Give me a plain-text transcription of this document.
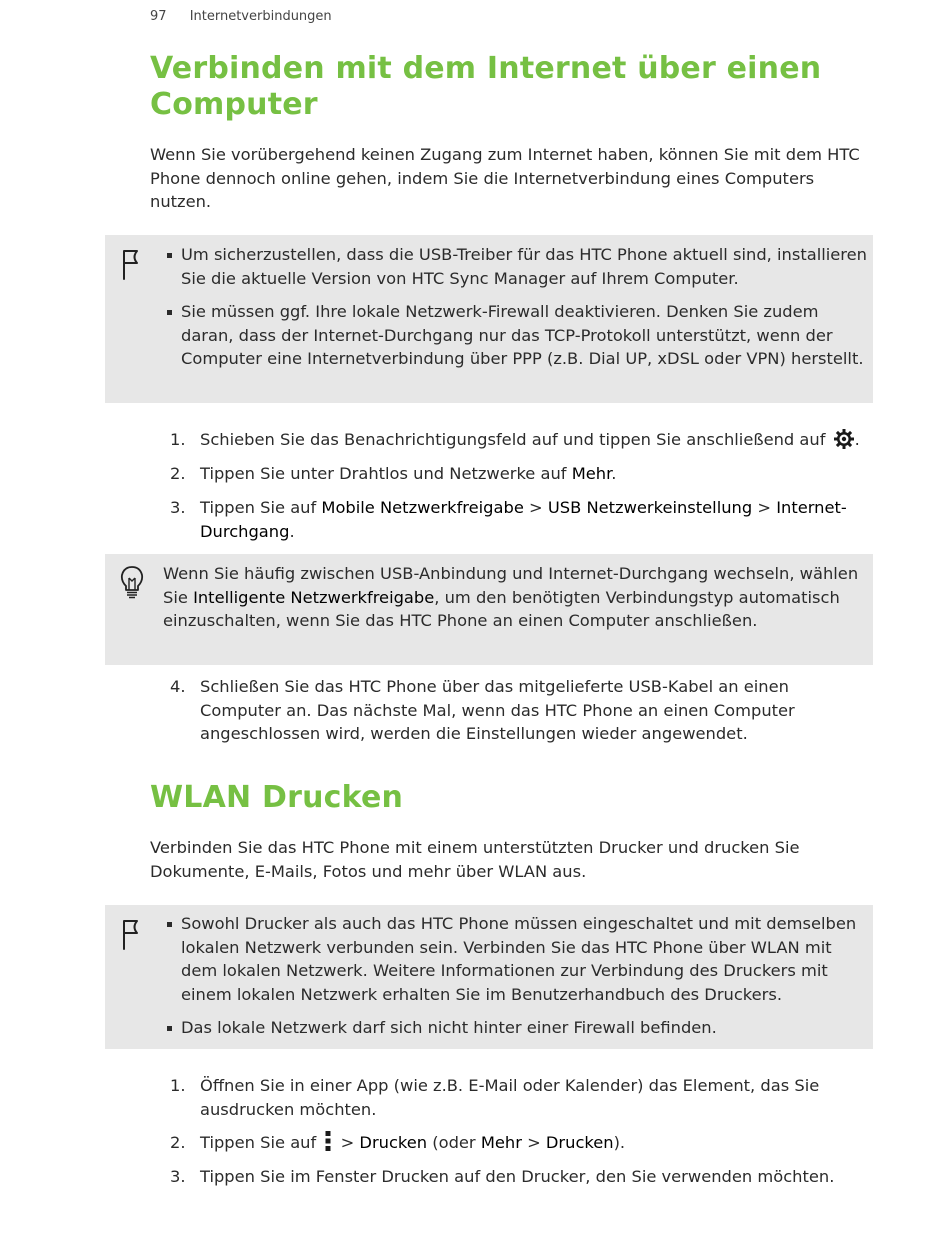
97 Internetverbindungen
Verbinden mit dem Internet über einen Computer

Wenn Sie vorübergehend keinen Zugang zum Internet haben, können Sie mit dem HTC Phone dennoch online gehen, indem Sie die Internetverbindung eines Computers nutzen.

Um sicherzustellen, dass die USB-Treiber für das HTC Phone aktuell sind, installieren Sie die aktuelle Version von HTC Sync Manager auf Ihrem Computer.
Sie müssen ggf. Ihre lokale Netzwerk-Firewall deaktivieren. Denken Sie zudem daran, dass der Internet-Durchgang nur das TCP-Protokoll unterstützt, wenn der Computer eine Internetverbindung über PPP (z.B. Dial UP, xDSL oder VPN) herstellt.
1. Schieben Sie das Benachrichtigungsfeld auf und tippen Sie anschließend auf .
2. Tippen Sie unter Drahtlos und Netzwerke auf Mehr.
3. Tippen Sie auf Mobile Netzwerkfreigabe > USB Netzwerkeinstellung > Internet-Durchgang.
Wenn Sie häufig zwischen USB-Anbindung und Internet-Durchgang wechseln, wählen Sie Intelligente Netzwerkfreigabe, um den benötigten Verbindungstyp automatisch einzuschalten, wenn Sie das HTC Phone an einen Computer anschließen.
4. Schließen Sie das HTC Phone über das mitgelieferte USB-Kabel an einen Computer an. Das nächste Mal, wenn das HTC Phone an einen Computer angeschlossen wird, werden die Einstellungen wieder angewendet.
WLAN Drucken

Verbinden Sie das HTC Phone mit einem unterstützten Drucker und drucken Sie Dokumente, E-Mails, Fotos und mehr über WLAN aus.

Sowohl Drucker als auch das HTC Phone müssen eingeschaltet und mit demselben lokalen Netzwerk verbunden sein. Verbinden Sie das HTC Phone über WLAN mit dem lokalen Netzwerk. Weitere Informationen zur Verbindung des Druckers mit einem lokalen Netzwerk erhalten Sie im Benutzerhandbuch des Druckers.
Das lokale Netzwerk darf sich nicht hinter einer Firewall befinden.
1. Öffnen Sie in einer App (wie z.B. E-Mail oder Kalender) das Element, das Sie ausdrucken möchten.
2. Tippen Sie auf  > Drucken (oder Mehr > Drucken).
3. Tippen Sie im Fenster Drucken auf den Drucker, den Sie verwenden möchten.
